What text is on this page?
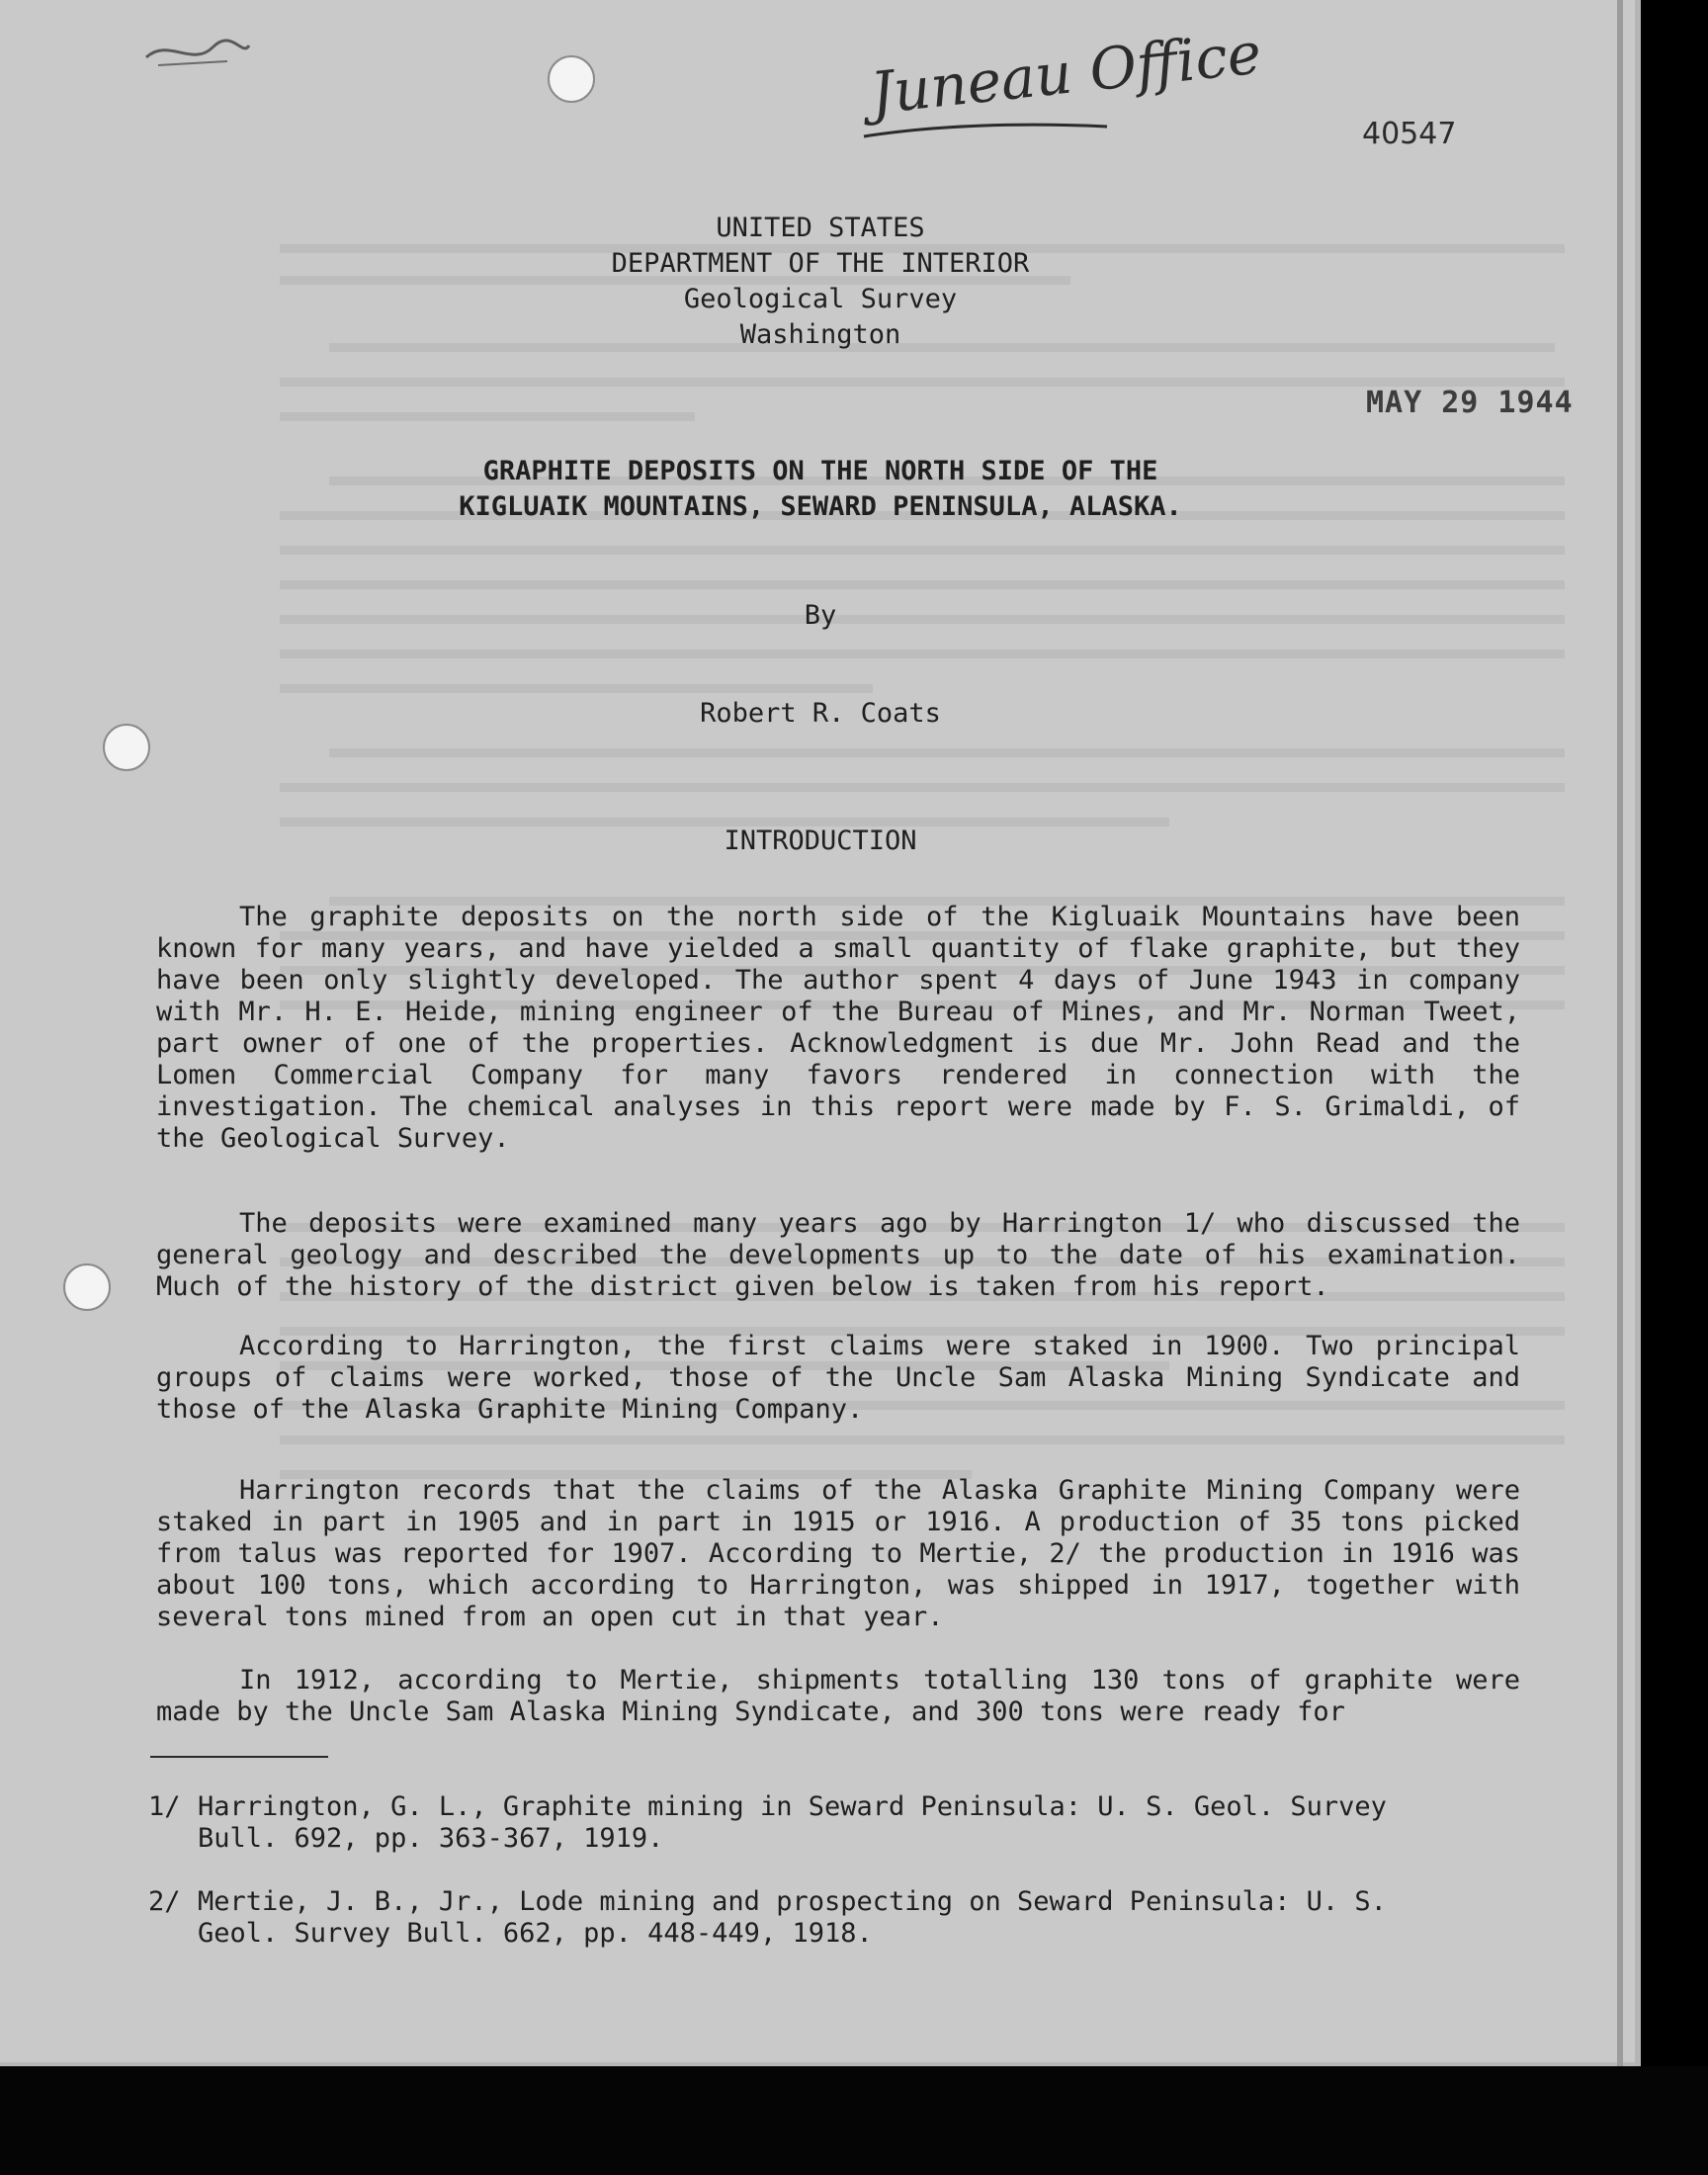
Juneau Office
40547
MAY 29 1944
UNITED STATES
DEPARTMENT OF THE INTERIOR
Geological Survey
Washington
GRAPHITE DEPOSITS ON THE NORTH SIDE OF THE
KIGLUAIK MOUNTAINS, SEWARD PENINSULA, ALASKA.
By
Robert R. Coats
INTRODUCTION
The graphite deposits on the north side of the Kigluaik Mountains have been known for many years, and have yielded a small quantity of flake graphite, but they have been only slightly developed. The author spent 4 days of June 1943 in company with Mr. H. E. Heide, mining engineer of the Bureau of Mines, and Mr. Norman Tweet, part owner of one of the properties. Acknowledgment is due Mr. John Read and the Lomen Commercial Company for many favors rendered in connection with the investigation. The chemical analyses in this report were made by F. S. Grimaldi, of the Geological Survey.
The deposits were examined many years ago by Harrington 1/ who discussed the general geology and described the developments up to the date of his examination. Much of the history of the district given below is taken from his report.
According to Harrington, the first claims were staked in 1900. Two principal groups of claims were worked, those of the Uncle Sam Alaska Mining Syndicate and those of the Alaska Graphite Mining Company.
Harrington records that the claims of the Alaska Graphite Mining Company were staked in part in 1905 and in part in 1915 or 1916. A production of 35 tons picked from talus was reported for 1907. According to Mertie, 2/ the production in 1916 was about 100 tons, which according to Harrington, was shipped in 1917, together with several tons mined from an open cut in that year.
In 1912, according to Mertie, shipments totalling 130 tons of graphite were made by the Uncle Sam Alaska Mining Syndicate, and 300 tons were ready for
1/ Harrington, G. L., Graphite mining in Seward Peninsula: U. S. Geol. Survey Bull. 692, pp. 363-367, 1919.
2/ Mertie, J. B., Jr., Lode mining and prospecting on Seward Peninsula: U. S. Geol. Survey Bull. 662, pp. 448-449, 1918.
